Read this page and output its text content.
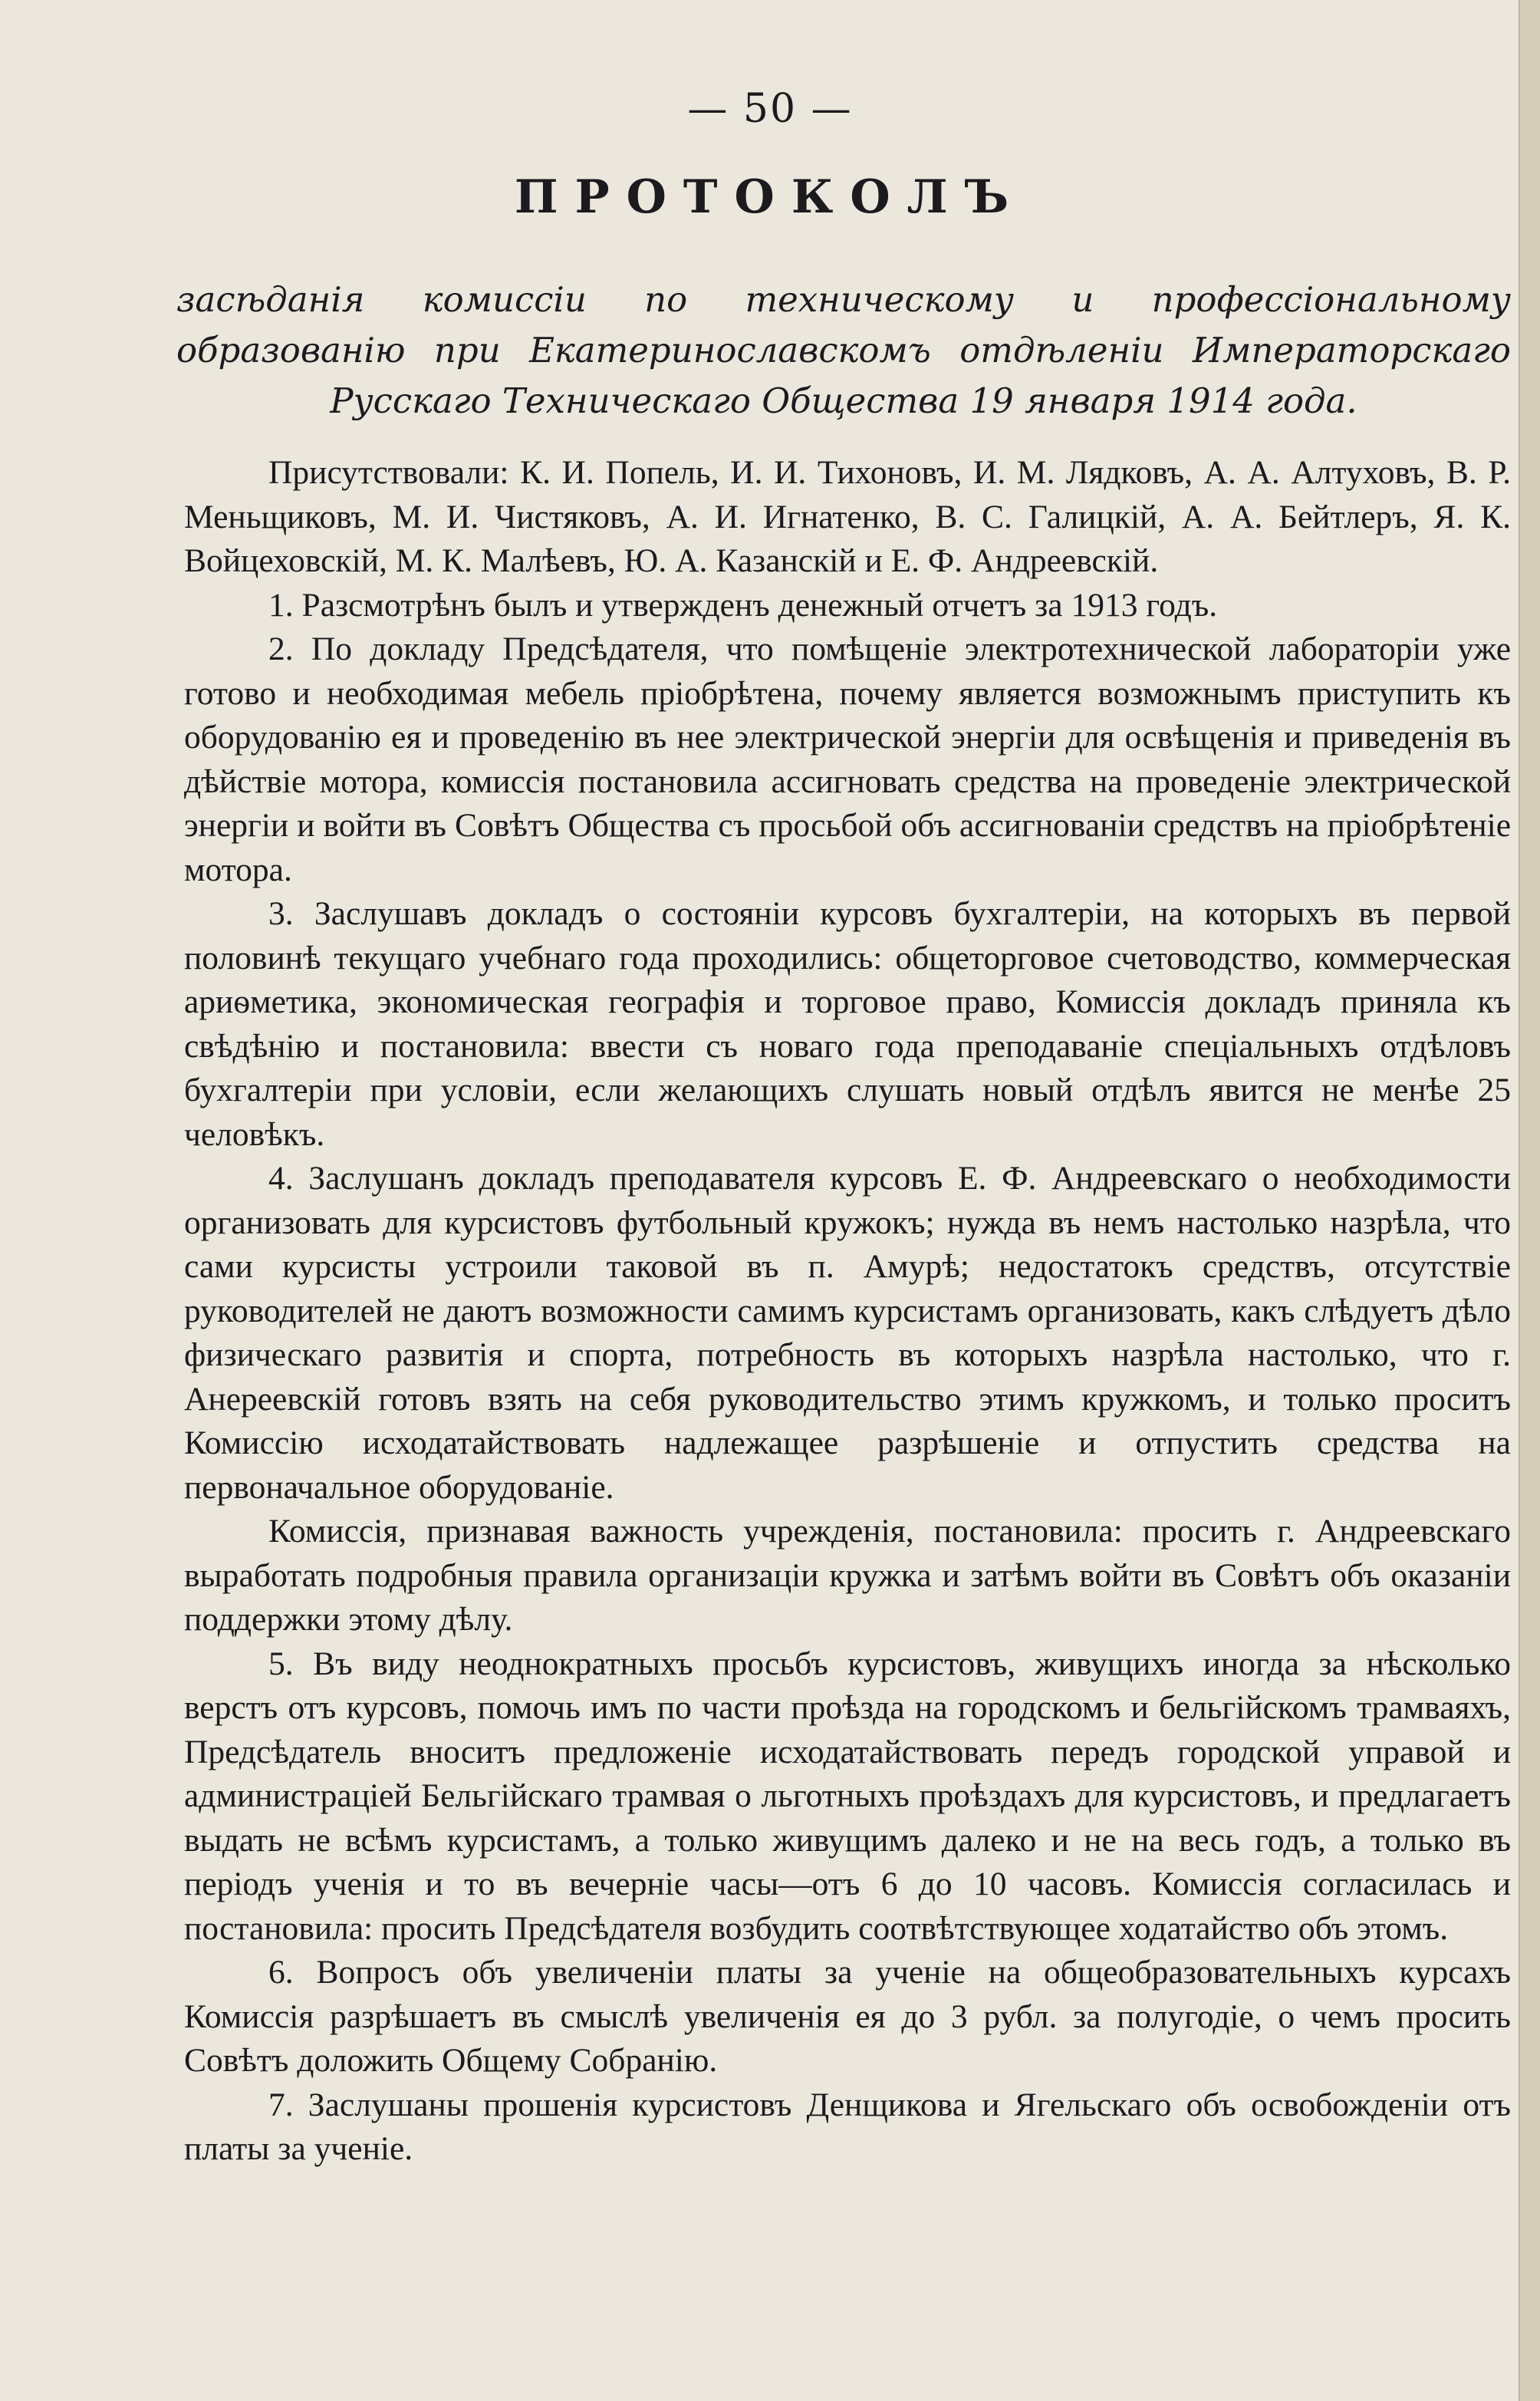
— 50 —
ПРОТОКОЛЪ
засѣданія комиссіи по техническому и профессіональному образованію при Екатеринославскомъ отдѣленіи Императорскаго Русскаго Техническаго Общества 19 января 1914 года.

Присутствовали: К. И. Попель, И. И. Тихоновъ, И. М. Лядковъ, А. А. Алтуховъ, В. Р. Меньщиковъ, М. И. Чистяковъ, А. И. Игнатенко, В. С. Галицкій, А. А. Бейтлеръ, Я. К. Войцеховскій, М. К. Малѣевъ, Ю. А. Казанскій и Е. Ф. Андреевскій.

1. Разсмотрѣнъ былъ и утвержденъ денежный отчетъ за 1913 годъ.

2. По докладу Предсѣдателя, что помѣщеніе электротехнической лабораторіи уже готово и необходимая мебель пріобрѣтена, почему является возможнымъ приступить къ оборудованію ея и проведенію въ нее электрической энергіи для освѣщенія и приведенія въ дѣйствіе мотора, комиссія постановила ассигновать средства на проведеніе электрической энергіи и войти въ Совѣтъ Общества съ просьбой объ ассигнованіи средствъ на пріобрѣтеніе мотора.

3. Заслушавъ докладъ о состояніи курсовъ бухгалтеріи, на которыхъ въ первой половинѣ текущаго учебнаго года проходились: общеторговое счетоводство, коммерческая ариѳметика, экономическая географія и торговое право, Комиссія докладъ приняла къ свѣдѣнію и постановила: ввести съ новаго года преподаваніе спеціальныхъ отдѣловъ бухгалтеріи при условіи, если желающихъ слушать новый отдѣлъ явится не менѣе 25 человѣкъ.

4. Заслушанъ докладъ преподавателя курсовъ Е. Ф. Андреевскаго о необходимости организовать для курсистовъ футбольный кружокъ; нужда въ немъ настолько назрѣла, что сами курсисты устроили таковой въ п. Амурѣ; недостатокъ средствъ, отсутствіе руководителей не даютъ возможности самимъ курсистамъ организовать, какъ слѣдуетъ дѣло физическаго развитія и спорта, потребность въ которыхъ назрѣла настолько, что г. Анереевскій готовъ взять на себя руководительство этимъ кружкомъ, и только проситъ Комиссію исходатайствовать надлежащее разрѣшеніе и отпустить средства на первоначальное оборудованіе.

Комиссія, признавая важность учрежденія, постановила: просить г. Андреевскаго выработать подробныя правила организаціи кружка и затѣмъ войти въ Совѣтъ объ оказаніи поддержки этому дѣлу.

5. Въ виду неоднократныхъ просьбъ курсистовъ, живущихъ иногда за нѣсколько верстъ отъ курсовъ, помочь имъ по части проѣзда на городскомъ и бельгійскомъ трамваяхъ, Предсѣдатель вноситъ предложеніе исходатайствовать передъ городской управой и администраціей Бельгійскаго трамвая о льготныхъ проѣздахъ для курсистовъ, и предлагаетъ выдать не всѣмъ курсистамъ, а только живущимъ далеко и не на весь годъ, а только въ періодъ ученія и то въ вечерніе часы—отъ 6 до 10 часовъ. Комиссія согласилась и постановила: просить Предсѣдателя возбудить соотвѣтствующее ходатайство объ этомъ.

6. Вопросъ объ увеличеніи платы за ученіе на общеобразовательныхъ курсахъ Комиссія разрѣшаетъ въ смыслѣ увеличенія ея до 3 рубл. за полугодіе, о чемъ просить Совѣтъ доложить Общему Собранію.

7. Заслушаны прошенія курсистовъ Денщикова и Ягельскаго объ освобожденіи отъ платы за ученіе.
